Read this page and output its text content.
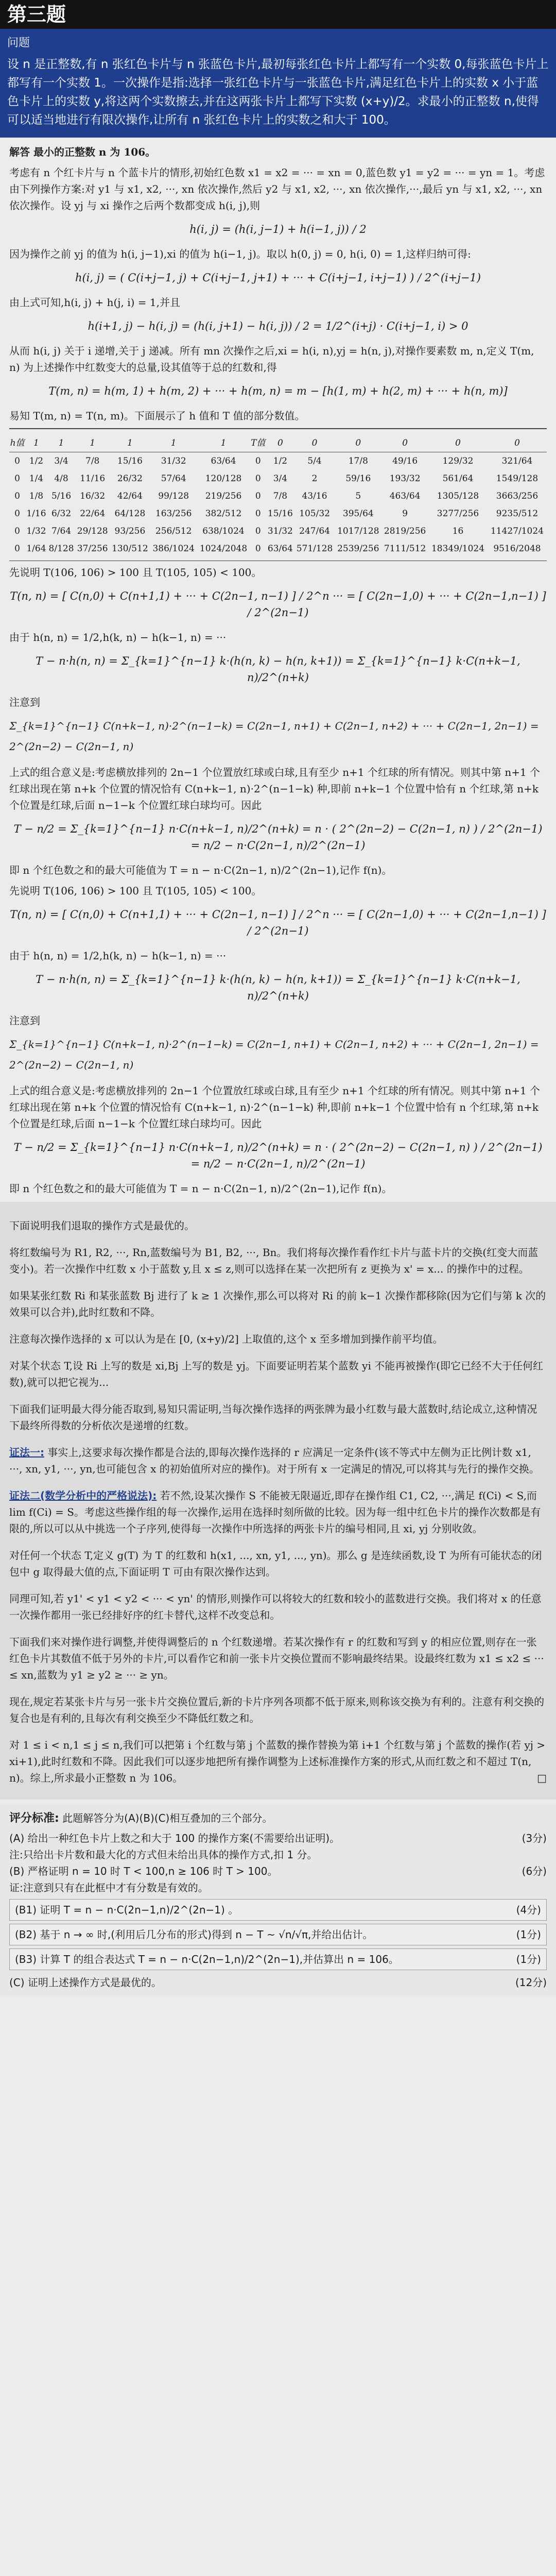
第三题
问题
设 n 是正整数,有 n 张红色卡片与 n 张蓝色卡片,最初每张红色卡片上都写有一个实数 0,每张蓝色卡片上都写有一个实数 1。一次操作是指:选择一张红色卡片与一张蓝色卡片,满足红色卡片上的实数 x 小于蓝色卡片上的实数 y,将这两个实数擦去,并在这两张卡片上都写下实数 (x+y)/2。求最小的正整数 n,使得可以适当地进行有限次操作,让所有 n 张红色卡片上的实数之和大于 100。

解答 最小的正整数 n 为 106。

考虑有 n 个红卡片与 n 个蓝卡片的情形,初始红色数 x1 = x2 = ··· = xn = 0,蓝色数 y1 = y2 = ··· = yn = 1。考虑由下列操作方案:对 y1 与 x1, x2, ···, xn 依次操作,然后 y2 与 x1, x2, ···, xn 依次操作,···,最后 yn 与 x1, x2, ···, xn 依次操作。设 yj 与 xi 操作之后两个数都变成 h(i, j),则

h(i, j) = (h(i, j−1) + h(i−1, j)) / 2

因为操作之前 yj 的值为 h(i, j−1),xi 的值为 h(i−1, j)。取以 h(0, j) = 0, h(i, 0) = 1,这样归纳可得:

h(i, j) = ( C(i+j−1, j) + C(i+j−1, j+1) + ··· + C(i+j−1, i+j−1) ) / 2^(i+j−1)

由上式可知,h(i, j) + h(j, i) = 1,并且

h(i+1, j) − h(i, j) = (h(i, j+1) − h(i, j)) / 2 = 1/2^(i+j) · C(i+j−1, i) > 0

从而 h(i, j) 关于 i 递增,关于 j 递减。所有 mn 次操作之后,xi = h(i, n),yj = h(n, j),对操作要素数 m, n,定义 T(m, n) 为上述操作中红数变大的总量,设其值等于总的红数和,得

T(m, n) = h(m, 1) + h(m, 2) + ··· + h(m, n) = m − [h(1, m) + h(2, m) + ··· + h(n, m)]

易知 T(m, n) = T(n, m)。下面展示了 h 值和 T 值的部分数值。

h值	1	1	1	1	1	1	T值	0	0	0	0	0	0
0	1/2	3/4	7/8	15/16	31/32	63/64	0	1/2	5/4	17/8	49/16	129/32	321/64
0	1/4	4/8	11/16	26/32	57/64	120/128	0	3/4	2	59/16	193/32	561/64	1549/128
0	1/8	5/16	16/32	42/64	99/128	219/256	0	7/8	43/16	5	463/64	1305/128	3663/256
0	1/16	6/32	22/64	64/128	163/256	382/512	0	15/16	105/32	395/64	9	3277/256	9235/512
0	1/32	7/64	29/128	93/256	256/512	638/1024	0	31/32	247/64	1017/128	2819/256	16	11427/1024
0	1/64	8/128	37/256	130/512	386/1024	1024/2048	0	63/64	571/128	2539/256	7111/512	18349/1024	9516/2048

先说明 T(106, 106) > 100 且 T(105, 105) < 100。

T(n, n) = [ C(n,0) + C(n+1,1) + ··· + C(2n−1, n−1) ] / 2^n ··· = [ C(2n−1,0) + ··· + C(2n−1,n−1) ] / 2^(2n−1)

由于 h(n, n) = 1/2,h(k, n) − h(k−1, n) = ···

T − n·h(n, n) = Σ_{k=1}^{n−1} k·(h(n, k) − h(n, k+1)) = Σ_{k=1}^{n−1} k·C(n+k−1, n)/2^(n+k)

注意到

Σ_{k=1}^{n−1} C(n+k−1, n)·2^(n−1−k) = C(2n−1, n+1) + C(2n−1, n+2) + ··· + C(2n−1, 2n−1) = 2^(2n−2) − C(2n−1, n)

上式的组合意义是:考虑横放排列的 2n−1 个位置放红球或白球,且有至少 n+1 个红球的所有情况。则其中第 n+1 个红球出现在第 n+k 个位置的情况恰有 C(n+k−1, n)·2^(n−1−k) 种,即前 n+k−1 个位置中恰有 n 个红球,第 n+k 个位置是红球,后面 n−1−k 个位置红球白球均可。因此

T − n/2 = Σ_{k=1}^{n−1} n·C(n+k−1, n)/2^(n+k) = n · ( 2^(2n−2) − C(2n−1, n) ) / 2^(2n−1) = n/2 − n·C(2n−1, n)/2^(2n−1)

即 n 个红色数之和的最大可能值为 T = n − n·C(2n−1, n)/2^(2n−1),记作 f(n)。

先说明 T(106, 106) > 100 且 T(105, 105) < 100。

T(n, n) = [ C(n,0) + C(n+1,1) + ··· + C(2n−1, n−1) ] / 2^n ··· = [ C(2n−1,0) + ··· + C(2n−1,n−1) ] / 2^(2n−1)

由于 h(n, n) = 1/2,h(k, n) − h(k−1, n) = ···

T − n·h(n, n) = Σ_{k=1}^{n−1} k·(h(n, k) − h(n, k+1)) = Σ_{k=1}^{n−1} k·C(n+k−1, n)/2^(n+k)

注意到

Σ_{k=1}^{n−1} C(n+k−1, n)·2^(n−1−k) = C(2n−1, n+1) + C(2n−1, n+2) + ··· + C(2n−1, 2n−1) = 2^(2n−2) − C(2n−1, n)

上式的组合意义是:考虑横放排列的 2n−1 个位置放红球或白球,且有至少 n+1 个红球的所有情况。则其中第 n+1 个红球出现在第 n+k 个位置的情况恰有 C(n+k−1, n)·2^(n−1−k) 种,即前 n+k−1 个位置中恰有 n 个红球,第 n+k 个位置是红球,后面 n−1−k 个位置红球白球均可。因此

T − n/2 = Σ_{k=1}^{n−1} n·C(n+k−1, n)/2^(n+k) = n · ( 2^(2n−2) − C(2n−1, n) ) / 2^(2n−1) = n/2 − n·C(2n−1, n)/2^(2n−1)

即 n 个红色数之和的最大可能值为 T = n − n·C(2n−1, n)/2^(2n−1),记作 f(n)。

下面说明我们退取的操作方式是最优的。

将红数编号为 R1, R2, ···, Rn,蓝数编号为 B1, B2, ···, Bn。我们将每次操作看作红卡片与蓝卡片的交换(红变大而蓝变小)。若一次操作中红数 x 小于蓝数 y,且 x ≤ z,则可以选择在某一次把所有 z 更换为 x' = x... 的操作中的过程。

如果某张红数 Ri 和某张蓝数 Bj 进行了 k ≥ 1 次操作,那么可以将对 Ri 的前 k−1 次操作都移除(因为它们与第 k 次的效果可以合并),此时红数和不降。

注意每次操作选择的 x 可以认为是在 [0, (x+y)/2] 上取值的,这个 x 至多增加到操作前平均值。

对某个状态 T,设 Ri 上写的数是 xi,Bj 上写的数是 yj。下面要证明若某个蓝数 yi 不能再被操作(即它已经不大于任何红数),就可以把它视为...

下面我们证明最大得分能否取到,易知只需证明,当每次操作选择的两张牌为最小红数与最大蓝数时,结论成立,这种情况下最终所得数的分析依次是递增的红数。

证法一: 事实上,这要求每次操作都是合法的,即每次操作选择的 r 应满足一定条件(该不等式中左侧为正比例计数 x1, ···, xn, y1, ···, yn,也可能包含 x 的初始值所对应的操作)。对于所有 x 一定满足的情况,可以将其与先行的操作交换。

证法二(数学分析中的严格说法): 若不然,设某次操作 S 不能被无限逼近,即存在操作组 C1, C2, ···,满足 f(Ci) < S,而 lim f(Ci) = S。考虑这些操作组的每一次操作,运用在选择时刻所做的比较。因为每一组中红色卡片的操作次数都是有限的,所以可以从中挑选一个子序列,使得每一次操作中所选择的两张卡片的编号相同,且 xi, yj 分别收敛。

对任何一个状态 T,定义 g(T) 为 T 的红数和 h(x1, ..., xn, y1, ..., yn)。那么 g 是连续函数,设 T 为所有可能状态的闭包中 g 取得最大值的点,下面证明 T 可由有限次操作达到。

同理可知,若 y1' < y1 < y2 < ··· < yn' 的情形,则操作可以将较大的红数和较小的蓝数进行交换。我们将对 x 的任意一次操作都用一张已经排好序的红卡替代,这样不改变总和。

下面我们来对操作进行调整,并使得调整后的 n 个红数递增。若某次操作有 r 的红数和写到 y 的相应位置,则存在一张红色卡片其数值不低于另外的卡片,可以看作它和前一张卡片交换位置而不影响最终结果。设最终红数为 x1 ≤ x2 ≤ ··· ≤ xn,蓝数为 y1 ≥ y2 ≥ ··· ≥ yn。

现在,规定若某张卡片与另一张卡片交换位置后,新的卡片序列各项都不低于原来,则称该交换为有利的。注意有利交换的复合也是有利的,且每次有利交换至少不降低红数之和。

对 1 ≤ i < n,1 ≤ j ≤ n,我们可以把第 i 个红数与第 j 个蓝数的操作替换为第 i+1 个红数与第 j 个蓝数的操作(若 yj > xi+1),此时红数和不降。因此我们可以逐步地把所有操作调整为上述标准操作方案的形式,从而红数之和不超过 T(n, n)。综上,所求最小正整数 n 为 106。	□

评分标准: 此题解答分为(A)(B)(C)相互叠加的三个部分。

(A) 给出一种红色卡片上数之和大于 100 的操作方案(不需要给出证明)。	(3分)
注:只给出卡片数和最大化的方式但未给出具体的操作方式,扣 1 分。
(B) 严格证明 n = 10 时 T < 100,n ≥ 106 时 T > 100。	(6分)
证:注意到只有在此框中才有分数是有效的。
(B1) 证明 T = n − n·C(2n−1,n)/2^(2n−1) 。	(4分)
(B2) 基于 n → ∞ 时,(利用后几分布的形式)得到 n − T ~ √n/√π,并给出估计。	(1分)
(B3) 计算 T 的组合表达式 T = n − n·C(2n−1,n)/2^(2n−1),并估算出 n = 106。	(1分)
(C) 证明上述操作方式是最优的。	(12分)
